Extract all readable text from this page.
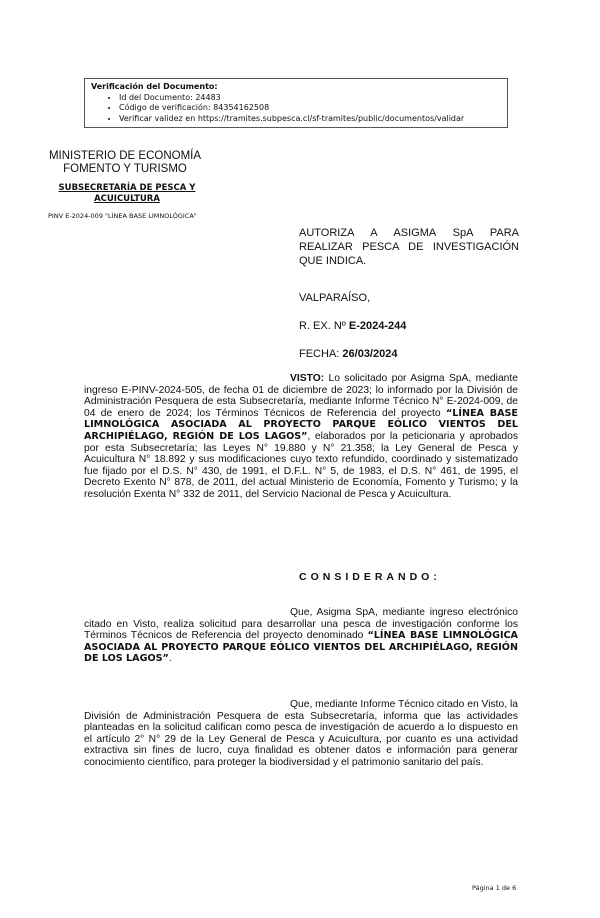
Verificación del Documento:

• Id del Documento: 24483
• Código de verificación: 84354162508
• Verificar validez en https://tramites.subpesca.cl/sf-tramites/public/documentos/validar
MINISTERIO DE ECONOMÍA
FOMENTO Y TURISMO
SUBSECRETARÍA DE PESCA Y
ACUICULTURA
PINV E-2024-009 "LÍNEA BASE LIMNOLÓGICA"
AUTORIZA A ASIGMA SpA PARA
REALIZAR PESCA DE INVESTIGACIÓN
QUE INDICA.
VALPARAÍSO,
R. EX. Nº E-2024-244
FECHA: 26/03/2024

VISTO: Lo solicitado por Asigma SpA, mediante ingreso E-PINV-2024-505, de fecha 01 de diciembre de 2023; lo informado por la División de Administración Pesquera de esta Subsecretaría, mediante Informe Técnico N° E-2024-009, de 04 de enero de 2024; los Términos Técnicos de Referencia del proyecto “LÍNEA BASE LIMNOLÓGICA ASOCIADA AL PROYECTO PARQUE EÓLICO VIENTOS DEL ARCHIPIÉLAGO, REGIÓN DE LOS LAGOS”, elaborados por la peticionaria y aprobados por esta Subsecretaría; las Leyes N° 19.880 y N° 21.358; la Ley General de Pesca y Acuicultura N° 18.892 y sus modificaciones cuyo texto refundido, coordinado y sistematizado fue fijado por el D.S. N° 430, de 1991, el D.F.L. N° 5, de 1983, el D.S. N° 461, de 1995, el Decreto Exento N° 878, de 2011, del actual Ministerio de Economía, Fomento y Turismo; y la resolución Exenta N° 332 de 2011, del Servicio Nacional de Pesca y Acuicultura.

CONSIDERANDO:

Que, Asigma SpA, mediante ingreso electrónico citado en Visto, realiza solicitud para desarrollar una pesca de investigación conforme los Términos Técnicos de Referencia del proyecto denominado “LÍNEA BASE LIMNOLÓGICA ASOCIADA AL PROYECTO PARQUE EÓLICO VIENTOS DEL ARCHIPIÉLAGO, REGIÓN DE LOS LAGOS”.

Que, mediante Informe Técnico citado en Visto, la División de Administración Pesquera de esta Subsecretaría, informa que las actividades planteadas en la solicitud califican como pesca de investigación de acuerdo a lo dispuesto en el artículo 2° N° 29 de la Ley General de Pesca y Acuicultura, por cuanto es una actividad extractiva sin fines de lucro, cuya finalidad es obtener datos e información para generar conocimiento científico, para proteger la biodiversidad y el patrimonio sanitario del país.

Página 1 de 6
